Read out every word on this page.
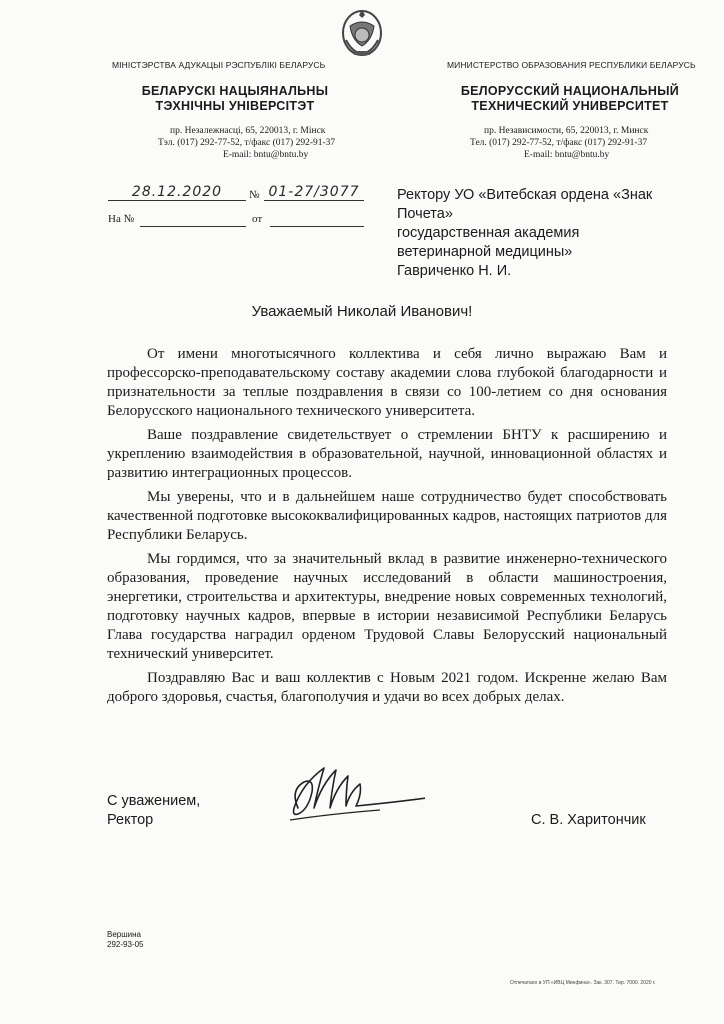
МІНІСТЭРСТВА АДУКАЦЫІ РЭСПУБЛІКІ БЕЛАРУСЬ
БЕЛАРУСКІ НАЦЫЯНАЛЬНЫ
ТЭХНІЧНЫ УНІВЕРСІТЭТ
пр. Незалежнасці, 65, 220013, г. Мінск
Тэл. (017) 292-77-52, т/факс (017) 292-91-37
E-mail: bntu@bntu.by
МИНИСТЕРСТВО ОБРАЗОВАНИЯ РЕСПУБЛИКИ БЕЛАРУСЬ
БЕЛОРУССКИЙ НАЦИОНАЛЬНЫЙ
ТЕХНИЧЕСКИЙ УНИВЕРСИТЕТ
пр. Независимости, 65, 220013, г. Минск
Тел. (017) 292-77-52, т/факс (017) 292-91-37
E-mail: bntu@bntu.by
28.12.2020	№ 01-27/3077
На №	от
Ректору УО «Витебская ордена «Знак
Почета»
государственная академия
ветеринарной медицины»
Гавриченко Н. И.
Уважаемый Николай Иванович!

От имени многотысячного коллектива и себя лично выражаю Вам и профессорско-преподавательскому составу академии слова глубокой благодарности и признательности за теплые поздравления в связи со 100-летием со дня основания Белорусского национального технического университета.

Ваше поздравление свидетельствует о стремлении БНТУ к расширению и укреплению взаимодействия в образовательной, научной, инновационной областях и развитию интеграционных процессов.

Мы уверены, что и в дальнейшем наше сотрудничество будет способствовать качественной подготовке высококвалифицированных кадров, настоящих патриотов для Республики Беларусь.

Мы гордимся, что за значительный вклад в развитие инженерно-технического образования, проведение научных исследований в области машиностроения, энергетики, строительства и архитектуры, внедрение новых современных технологий, подготовку научных кадров, впервые в истории независимой Республики Беларусь Глава государства наградил орденом Трудовой Славы Белорусский национальный технический университет.

Поздравляю Вас и ваш коллектив с Новым 2021 годом. Искренне желаю Вам доброго здоровья, счастья, благополучия и удачи во всех добрых делах.

С уважением,
Ректор	С. В. Харитончик
Вершина
292-93-05
Отпечатано в УП «ИВЦ Минфина». Зак. 307. Тир. 7000. 2020 г.
